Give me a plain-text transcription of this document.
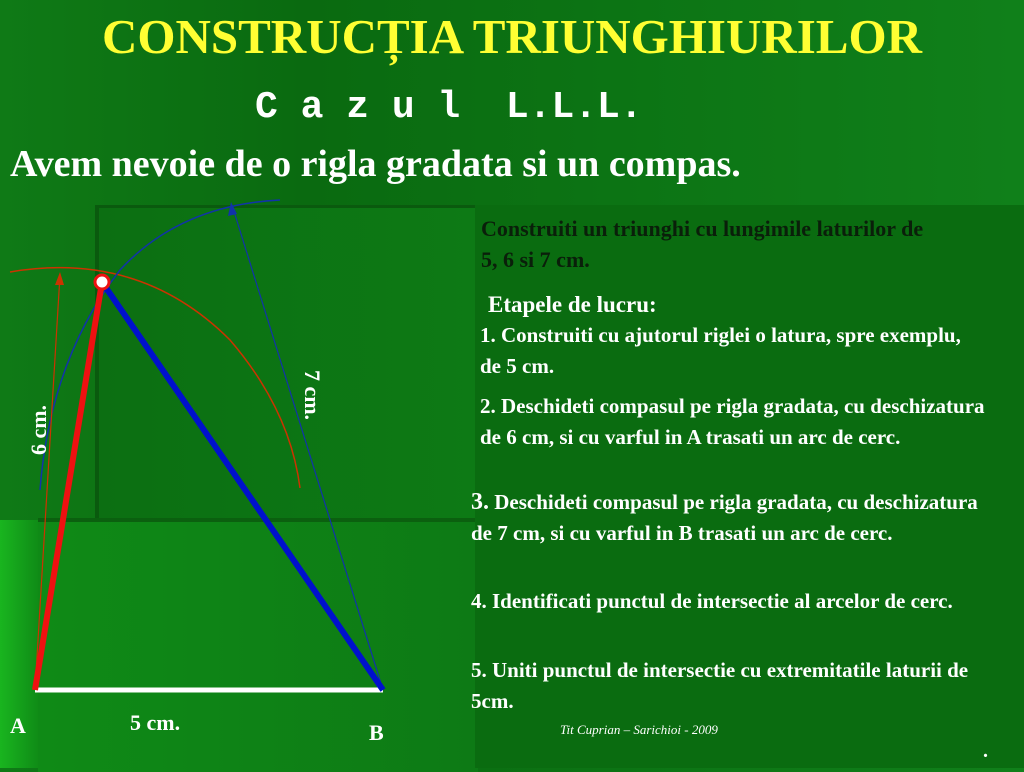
CONSTRUCȚIA TRIUNGHIURILOR
C a z u l  L.L.L.
Avem nevoie de o rigla gradata si un compas.
6 cm.
7 cm.
A	B
5 cm.
Construiti un triunghi cu lungimile laturilor de 5, 6 si 7 cm.
Etapele de lucru:
1. Construiti cu ajutorul riglei o latura, spre exemplu, de 5 cm.
2. Deschideti compasul pe rigla gradata, cu deschizatura de 6 cm, si cu varful in A trasati un arc de cerc.
3. Deschideti compasul pe rigla gradata, cu deschizatura de 7 cm, si cu varful in B trasati un arc de cerc.
4. Identificati punctul de intersectie al arcelor de cerc.
5. Uniti punctul de intersectie cu extremitatile laturii de 5cm.
Tit Cuprian – Sarichioi - 2009
.
